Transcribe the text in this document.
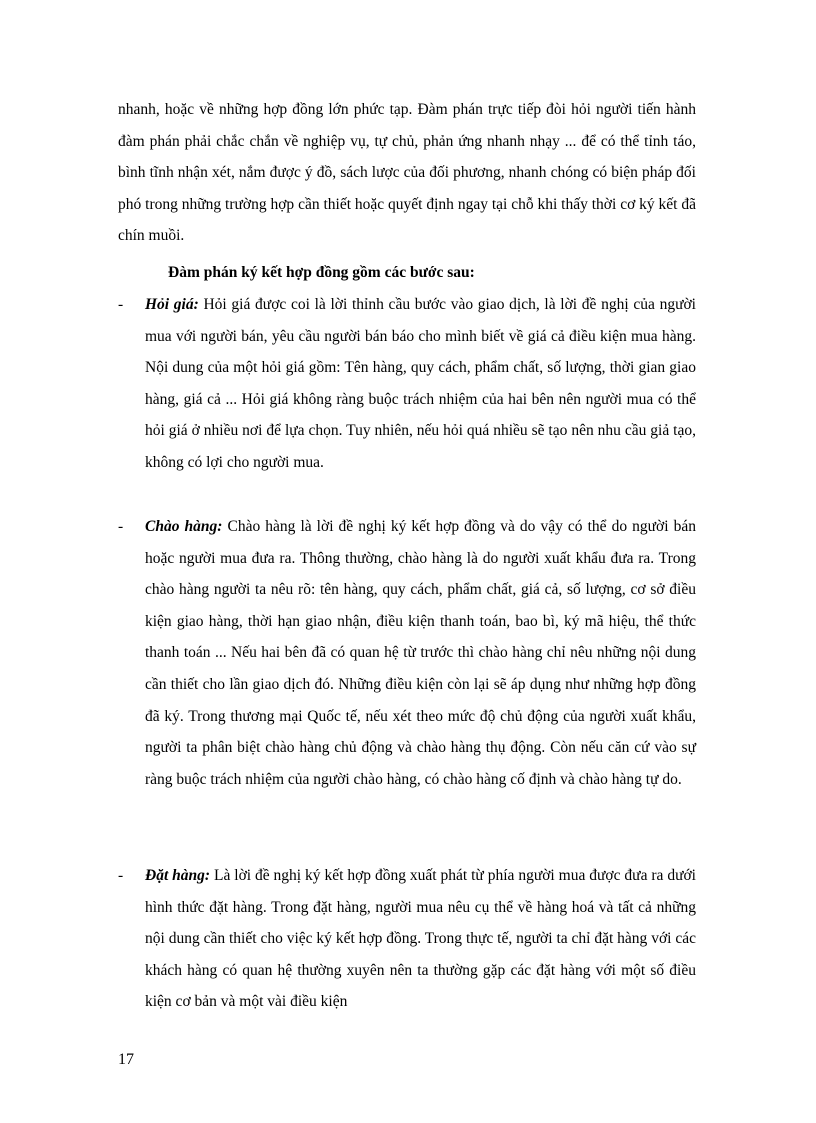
nhanh, hoặc về những hợp đồng lớn phức tạp. Đàm phán trực tiếp đòi hỏi người tiến hành đàm phán phải chắc chắn về nghiệp vụ, tự chủ, phản ứng nhanh nhạy ... để có thể tỉnh táo, bình tĩnh nhận xét, nắm được ý đồ, sách lược của đối phương, nhanh chóng có biện pháp đối phó trong những trường hợp cần thiết hoặc quyết định ngay tại chỗ khi thấy thời cơ ký kết đã chín muồi.

Đàm phán ký kết hợp đồng gồm các bước sau:

-	Hỏi giá: Hỏi giá được coi là lời thỉnh cầu bước vào giao dịch, là lời đề nghị của người mua với người bán, yêu cầu người bán báo cho mình biết về giá cả điều kiện mua hàng. Nội dung của một hỏi giá gồm: Tên hàng, quy cách, phẩm chất, số lượng, thời gian giao hàng, giá cả ... Hỏi giá không ràng buộc trách nhiệm của hai bên nên người mua có thể hỏi giá ở nhiều nơi để lựa chọn. Tuy nhiên, nếu hỏi quá nhiều sẽ tạo nên nhu cầu giả tạo, không có lợi cho người mua.

-	Chào hàng: Chào hàng là lời đề nghị ký kết hợp đồng và do vậy có thể do người bán hoặc người mua đưa ra. Thông thường, chào hàng là do người xuất khẩu đưa ra. Trong chào hàng người ta nêu rõ: tên hàng, quy cách, phẩm chất, giá cả, số lượng, cơ sở điều kiện giao hàng, thời hạn giao nhận, điều kiện thanh toán, bao bì, ký mã hiệu, thể thức thanh toán ... Nếu hai bên đã có quan hệ từ trước thì chào hàng chỉ nêu những nội dung cần thiết cho lần giao dịch đó. Những điều kiện còn lại sẽ áp dụng như những hợp đồng đã ký. Trong thương mại Quốc tế, nếu xét theo mức độ chủ động của người xuất khẩu, người ta phân biệt chào hàng chủ động và chào hàng thụ động. Còn nếu căn cứ vào sự ràng buộc trách nhiệm của người chào hàng, có chào hàng cố định và chào hàng tự do.

-	Đặt hàng: Là lời đề nghị ký kết hợp đồng xuất phát từ phía người mua được đưa ra dưới hình thức đặt hàng. Trong đặt hàng, người mua nêu cụ thể về hàng hoá và tất cả những nội dung cần thiết cho việc ký kết hợp đồng. Trong thực tế, người ta chỉ đặt hàng với các khách hàng có quan hệ thường xuyên nên ta thường gặp các đặt hàng với một số điều kiện cơ bản và một vài điều kiện

17
